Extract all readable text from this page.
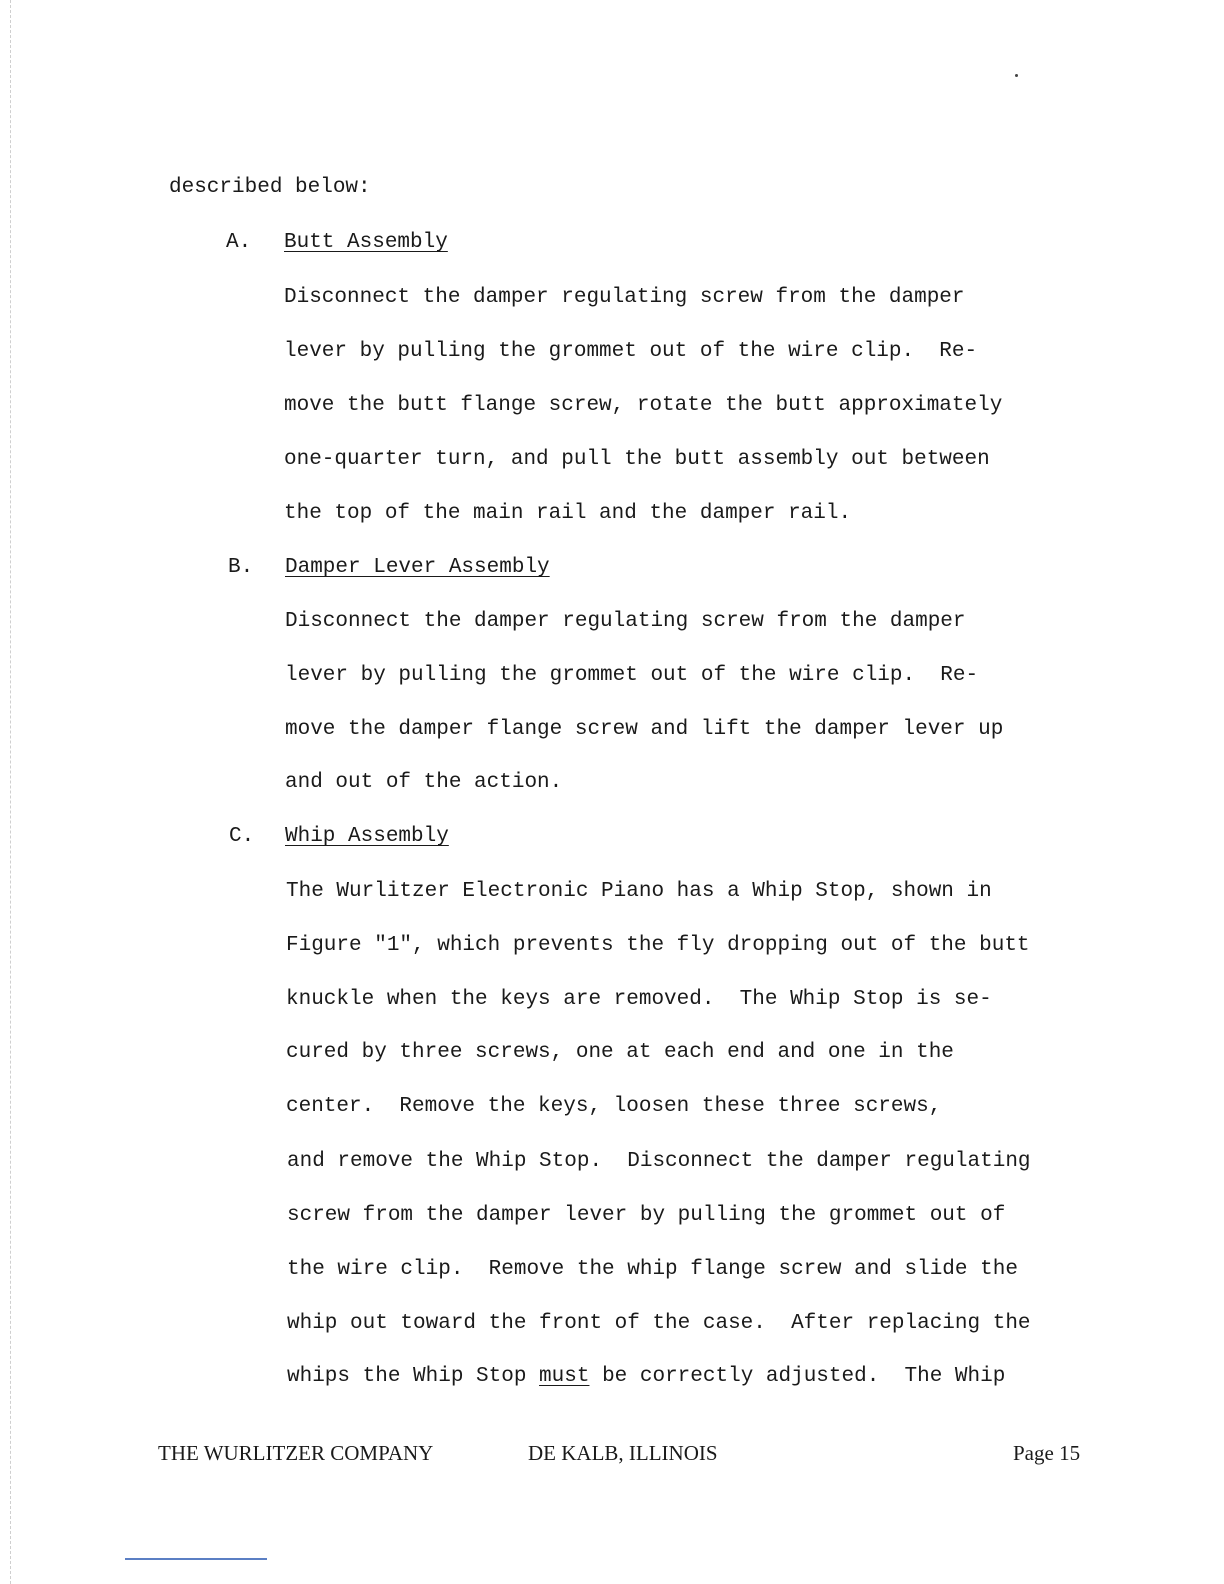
described below:
A. Butt Assembly
Disconnect the damper regulating screw from the damper
lever by pulling the grommet out of the wire clip.  Re-
move the butt flange screw, rotate the butt approximately
one-quarter turn, and pull the butt assembly out between
the top of the main rail and the damper rail.
B. Damper Lever Assembly
Disconnect the damper regulating screw from the damper
lever by pulling the grommet out of the wire clip.  Re-
move the damper flange screw and lift the damper lever up
and out of the action.
C. Whip Assembly
The Wurlitzer Electronic Piano has a Whip Stop, shown in
Figure "1", which prevents the fly dropping out of the butt
knuckle when the keys are removed.  The Whip Stop is se-
cured by three screws, one at each end and one in the
center.  Remove the keys, loosen these three screws,
and remove the Whip Stop.  Disconnect the damper regulating
screw from the damper lever by pulling the grommet out of
the wire clip.  Remove the whip flange screw and slide the
whip out toward the front of the case.  After replacing the
whips the Whip Stop must be correctly adjusted.  The Whip
THE WURLITZER COMPANY	DE KALB, ILLINOIS	Page 15
